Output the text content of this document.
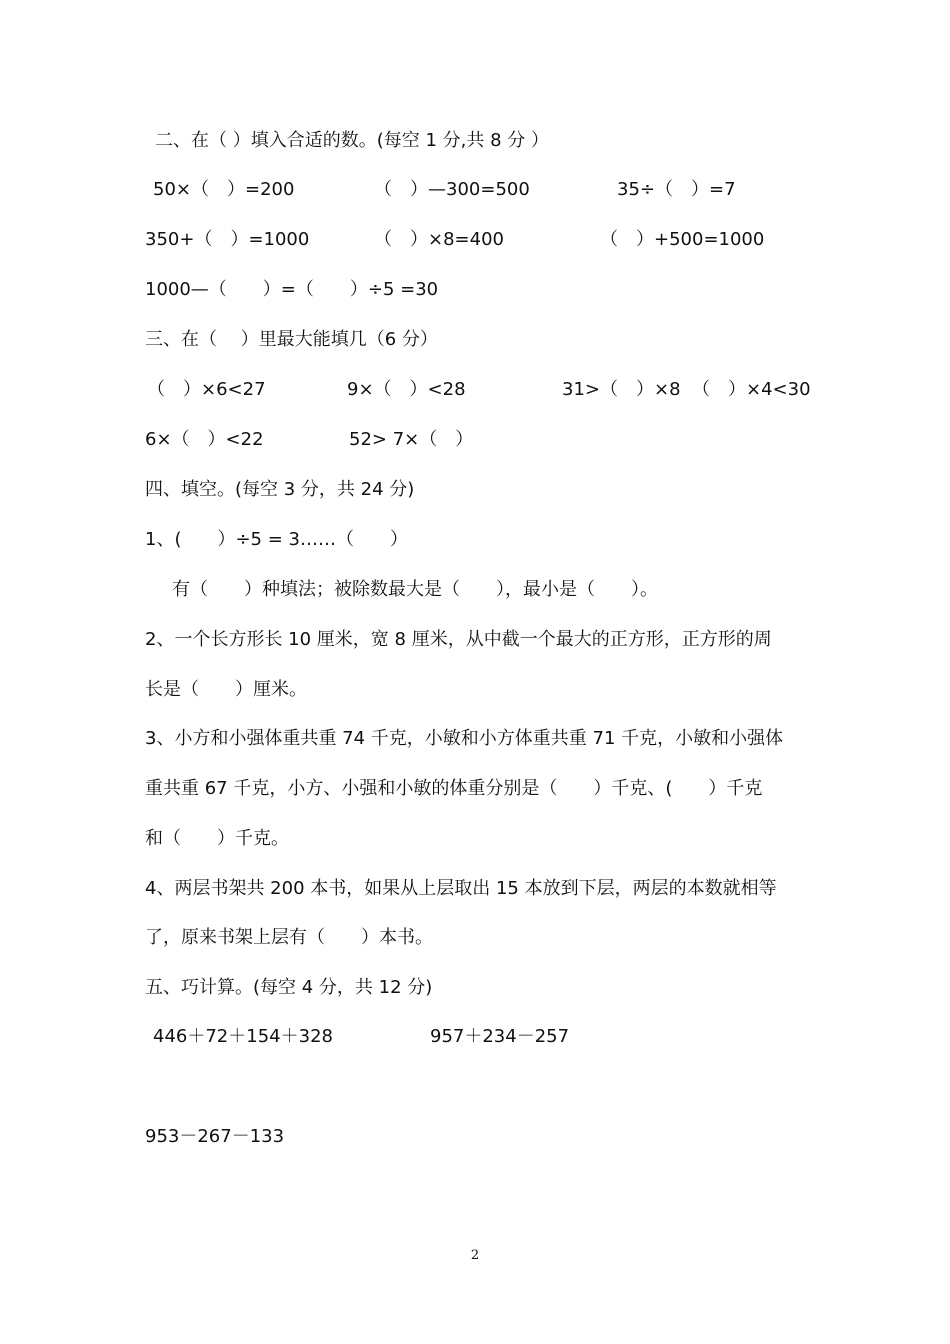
二、在（ ）填入合适的数。(每空 1 分,共 8 分 ）
50×（　）=200	（　）—300=500	35÷（　）=7
350+（　）=1000	（　）×8=400	（　）+500=1000
1000—（　　）=（　　）÷5 =30
三、在（　 ）里最大能填几（6 分）
（　）×6<27	9×（　）<28	31>（　）×8 （　）×4<30
6×（　）<22	52> 7×（　）
四、填空。(每空 3 分，共 24 分)
1、(　　）÷5 = 3……（　　）
有（　　）种填法；被除数最大是（　　），最小是（　　）。
2、一个长方形长 10 厘米，宽 8 厘米，从中截一个最大的正方形，正方形的周
长是（　　）厘米。
3、小方和小强体重共重 74 千克，小敏和小方体重共重 71 千克，小敏和小强体
重共重 67 千克，小方、小强和小敏的体重分别是（　　）千克、(　　）千克
和（　　）千克。
4、两层书架共 200 本书，如果从上层取出 15 本放到下层，两层的本数就相等
了，原来书架上层有（　　）本书。
五、巧计算。(每空 4 分，共 12 分)
446＋72＋154＋328	957＋234－257
953－267－133
2
